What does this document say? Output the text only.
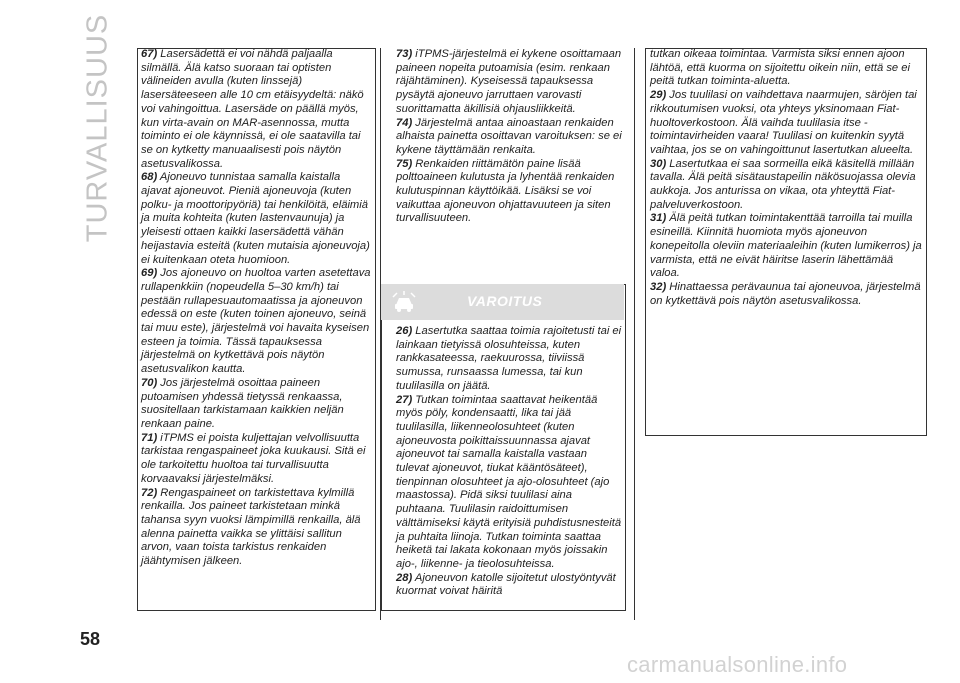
TURVALLISUUS 67) Lasersädettä ei voi nähdä paljaalla silmällä. Älä katso suoraan tai optisten välineiden avulla (kuten linssejä) lasersäteeseen alle 10 cm etäisyydeltä: näkö voi vahingoittua. Lasersäde on päällä myös, kun virta-avain on MAR-asennossa, mutta toiminto ei ole käynnissä, ei ole saatavilla tai se on kytketty manuaalisesti pois näytön asetusvalikossa.

68) Ajoneuvo tunnistaa samalla kaistalla ajavat ajoneuvot. Pieniä ajoneuvoja (kuten polku- ja moottoripyöriä) tai henkilöitä, eläimiä ja muita kohteita (kuten lastenvaunuja) ja yleisesti ottaen kaikki lasersädettä vähän heijastavia esteitä (kuten mutaisia ajoneuvoja) ei kuitenkaan oteta huomioon.

69) Jos ajoneuvo on huoltoa varten asetettava rullapenkkiin (nopeudella 5–30 km/h) tai pestään rullapesuautomaatissa ja ajoneuvon edessä on este (kuten toinen ajoneuvo, seinä tai muu este), järjestelmä voi havaita kyseisen esteen ja toimia. Tässä tapauksessa järjestelmä on kytkettävä pois näytön asetusvalikon kautta.

70) Jos järjestelmä osoittaa paineen putoamisen yhdessä tietyssä renkaassa, suositellaan tarkistamaan kaikkien neljän renkaan paine.

71) iTPMS ei poista kuljettajan velvollisuutta tarkistaa rengaspaineet joka kuukausi. Sitä ei ole tarkoitettu huoltoa tai turvallisuutta korvaavaksi järjestelmäksi.

72) Rengaspaineet on tarkistettava kylmillä renkailla. Jos paineet tarkistetaan minkä tahansa syyn vuoksi lämpimillä renkailla, älä alenna painetta vaikka se ylittäisi sallitun arvon, vaan toista tarkistus renkaiden jäähtymisen jälkeen.

73) iTPMS-järjestelmä ei kykene osoittamaan paineen nopeita putoamisia (esim. renkaan räjähtäminen). Kyseisessä tapauksessa pysäytä ajoneuvo jarruttaen varovasti suorittamatta äkillisiä ohjausliikkeitä.

74) Järjestelmä antaa ainoastaan renkaiden alhaista painetta osoittavan varoituksen: se ei kykene täyttämään renkaita.

75) Renkaiden riittämätön paine lisää polttoaineen kulutusta ja lyhentää renkaiden kulutuspinnan käyttöikää. Lisäksi se voi vaikuttaa ajoneuvon ohjattavuuteen ja siten turvallisuuteen.

VAROITUS

26) Lasertutka saattaa toimia rajoitetusti tai ei lainkaan tietyissä olosuhteissa, kuten rankkasateessa, raekuurossa, tiiviissä sumussa, runsaassa lumessa, tai kun tuulilasilla on jäätä.

27) Tutkan toimintaa saattavat heikentää myös pöly, kondensaatti, lika tai jää tuulilasilla, liikenneolosuhteet (kuten ajoneuvosta poikittaissuunnassa ajavat ajoneuvot tai samalla kaistalla vastaan tulevat ajoneuvot, tiukat kääntösäteet), tienpinnan olosuhteet ja ajo-olosuhteet (ajo maastossa). Pidä siksi tuulilasi aina puhtaana. Tuulilasin raidoittumisen välttämiseksi käytä erityisiä puhdistusnesteitä ja puhtaita liinoja. Tutkan toiminta saattaa heiketä tai lakata kokonaan myös joissakin ajo-, liikenne- ja tieolosuhteissa.

28) Ajoneuvon katolle sijoitetut ulostyöntyvät kuormat voivat häiritä

tutkan oikeaa toimintaa. Varmista siksi ennen ajoon lähtöä, että kuorma on sijoitettu oikein niin, että se ei peitä tutkan toiminta-aluetta.

29) Jos tuulilasi on vaihdettava naarmujen, säröjen tai rikkoutumisen vuoksi, ota yhteys yksinomaan Fiat-huoltoverkostoon. Älä vaihda tuulilasia itse - toimintavirheiden vaara! Tuulilasi on kuitenkin syytä vaihtaa, jos se on vahingoittunut lasertutkan alueelta.

30) Lasertutkaa ei saa sormeilla eikä käsitellä millään tavalla. Älä peitä sisätaustapeilin näkösuojassa olevia aukkoja. Jos anturissa on vikaa, ota yhteyttä Fiat-palveluverkostoon.

31) Älä peitä tutkan toimintakenttää tarroilla tai muilla esineillä. Kiinnitä huomiota myös ajoneuvon konepeitolla oleviin materiaaleihin (kuten lumikerros) ja varmista, että ne eivät häiritse laserin lähettämää valoa.

32) Hinattaessa perävaunua tai ajoneuvoa, järjestelmä on kytkettävä pois näytön asetusvalikossa.

58
carmanualsonline.info
